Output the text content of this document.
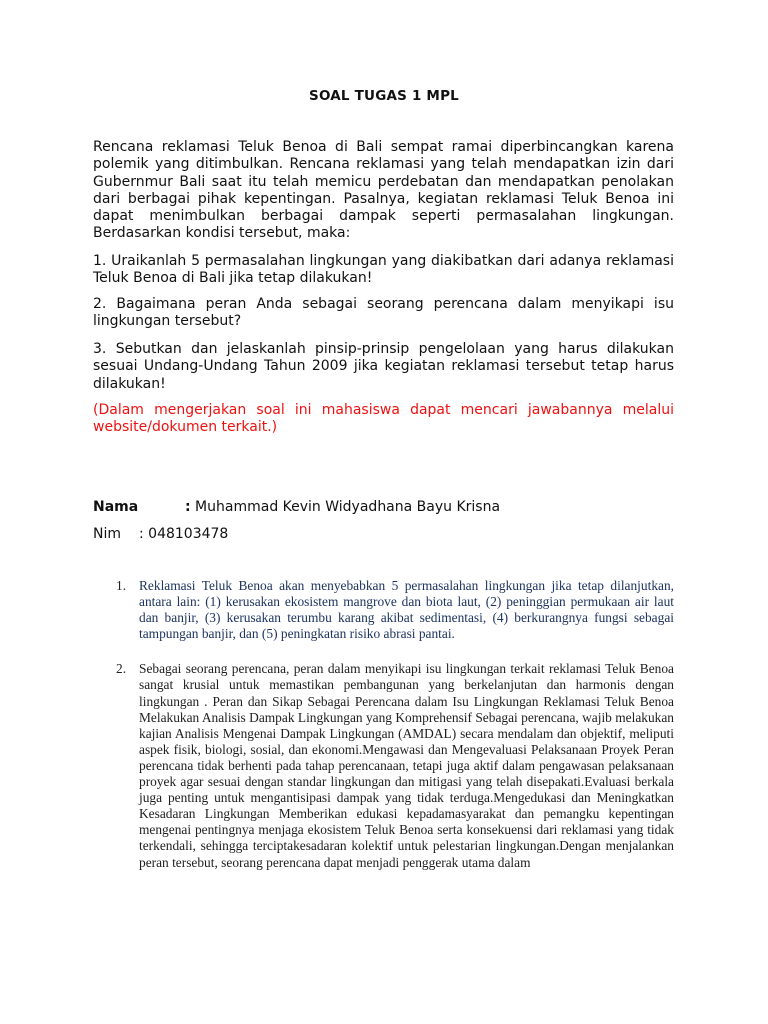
SOAL TUGAS 1 MPL

Rencana reklamasi Teluk Benoa di Bali sempat ramai diperbincangkan karena polemik yang ditimbulkan. Rencana reklamasi yang telah mendapatkan izin dari Gubernmur Bali saat itu telah memicu perdebatan dan mendapatkan penolakan dari berbagai pihak kepentingan. Pasalnya, kegiatan reklamasi Teluk Benoa ini dapat menimbulkan berbagai dampak seperti permasalahan lingkungan. Berdasarkan kondisi tersebut, maka:

1. Uraikanlah 5 permasalahan lingkungan yang diakibatkan dari adanya reklamasi Teluk Benoa di Bali jika tetap dilakukan!

2. Bagaimana peran Anda sebagai seorang perencana dalam menyikapi isu lingkungan tersebut?

3. Sebutkan dan jelaskanlah pinsip-prinsip pengelolaan yang harus dilakukan sesuai Undang-Undang Tahun 2009 jika kegiatan reklamasi tersebut tetap harus dilakukan!

(Dalam mengerjakan soal ini mahasiswa dapat mencari jawabannya melalui website/dokumen terkait.)

Nama	: Muhammad Kevin Widyadhana Bayu Krisna
Nim : 048103478
1. Reklamasi Teluk Benoa akan menyebabkan 5 permasalahan lingkungan jika tetap dilanjutkan, antara lain: (1) kerusakan ekosistem mangrove dan biota laut, (2) peninggian permukaan air laut dan banjir, (3) kerusakan terumbu karang akibat sedimentasi, (4) berkurangnya fungsi sebagai tampungan banjir, dan (5) peningkatan risiko abrasi pantai.
2. Sebagai seorang perencana, peran dalam menyikapi isu lingkungan terkait reklamasi Teluk Benoa sangat krusial untuk memastikan pembangunan yang berkelanjutan dan harmonis dengan lingkungan . Peran dan Sikap Sebagai Perencana dalam Isu Lingkungan Reklamasi Teluk Benoa Melakukan Analisis Dampak Lingkungan yang Komprehensif Sebagai perencana, wajib melakukan kajian Analisis Mengenai Dampak Lingkungan (AMDAL) secara mendalam dan objektif, meliputi aspek fisik, biologi, sosial, dan ekonomi.Mengawasi dan Mengevaluasi Pelaksanaan Proyek Peran perencana tidak berhenti pada tahap perencanaan, tetapi juga aktif dalam pengawasan pelaksanaan proyek agar sesuai dengan standar lingkungan dan mitigasi yang telah disepakati.Evaluasi berkala juga penting untuk mengantisipasi dampak yang tidak terduga.Mengedukasi dan Meningkatkan Kesadaran Lingkungan Memberikan edukasi kepadamasyarakat dan pemangku kepentingan mengenai pentingnya menjaga ekosistem Teluk Benoa serta konsekuensi dari reklamasi yang tidak terkendali, sehingga terciptakesadaran kolektif untuk pelestarian lingkungan.Dengan menjalankan peran tersebut, seorang perencana dapat menjadi penggerak utama dalam
